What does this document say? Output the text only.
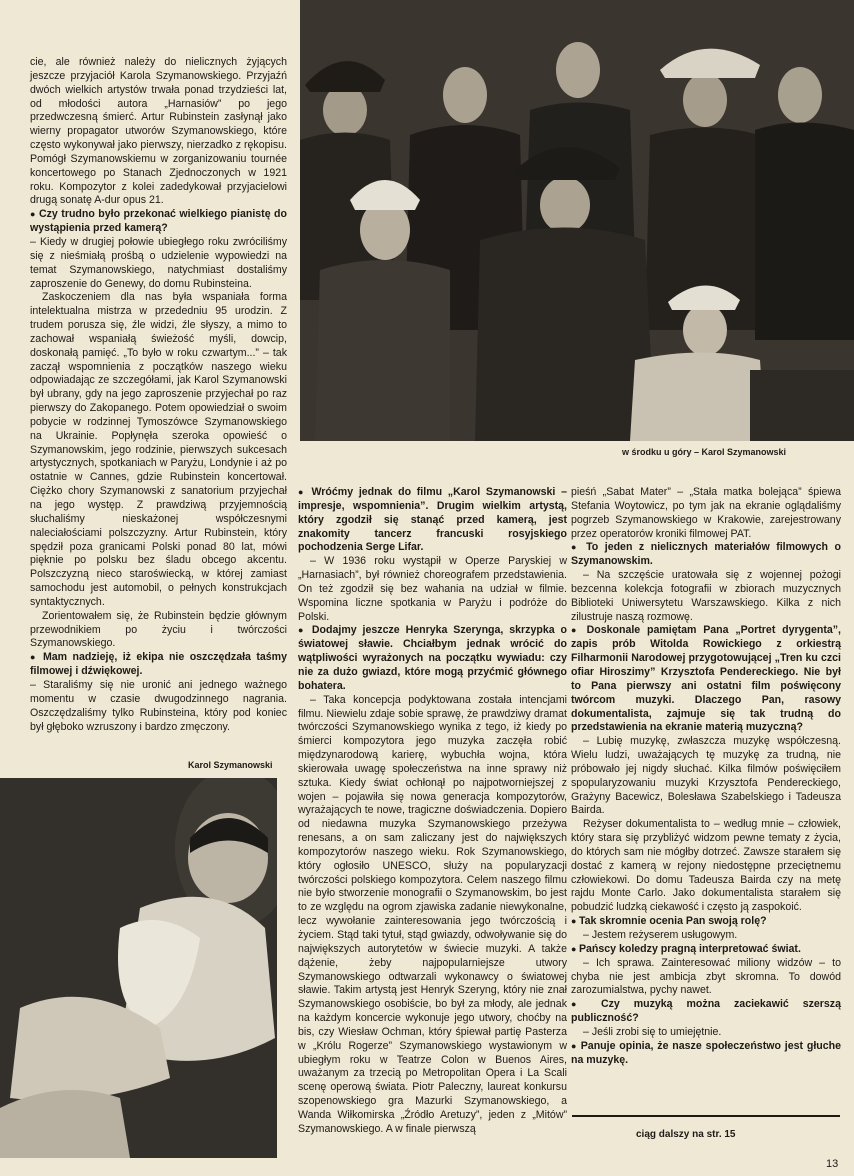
cie, ale również należy do nielicznych żyjących jeszcze przyjaciół Karola Szymanowskiego. Przyjaźń dwóch wielkich artystów trwała ponad trzydzieści lat, od młodości autora „Harnasiów” po jego przedwczesną śmierć. Artur Rubinstein zasłynął jako wierny propagator utworów Szymanowskiego, które często wykonywał jako pierwszy, nierzadko z rękopisu. Pomógł Szymanowskiemu w zorganizowaniu tournée koncertowego po Stanach Zjednoczonych w 1921 roku. Kompozytor z kolei zadedykował przyjacielowi drugą sonatę A-dur opus 21.

● Czy trudno było przekonać wielkiego pianistę do wystąpienia przed kamerą?

– Kiedy w drugiej połowie ubiegłego roku zwróciliśmy się z nieśmiałą prośbą o udzielenie wypowiedzi na temat Szymanowskiego, natychmiast dostaliśmy zaproszenie do Genewy, do domu Rubinsteina.

Zaskoczeniem dla nas była wspaniała forma intelektualna mistrza w przededniu 95 urodzin. Z trudem porusza się, źle widzi, źle słyszy, a mimo to zachował wspaniałą świeżość myśli, dowcip, doskonałą pamięć. „To było w roku czwartym...” – tak zaczął wspomnienia z początków naszego wieku odpowiadając ze szczegółami, jak Karol Szymanowski był ubrany, gdy na jego zaproszenie przyjechał po raz pierwszy do Zakopanego. Potem opowiedział o swoim pobycie w rodzinnej Tymoszówce Szymanowskiego na Ukrainie. Popłynęła szeroka opowieść o Szymanowskim, jego rodzinie, pierwszych sukcesach artystycznych, spotkaniach w Paryżu, Londynie i aż po ostatnie w Cannes, gdzie Rubinstein koncertował. Ciężko chory Szymanowski z sanatorium przyjechał na jego występ. Z prawdziwą przyjemnością słuchaliśmy nieskażonej współczesnymi naleciałościami polszczyzny. Artur Rubinstein, który spędził poza granicami Polski ponad 80 lat, mówi pięknie po polsku bez śladu obcego akcentu. Polszczyzną nieco staroświecką, w której zamiast samochodu jest automobil, o pełnych konstrukcjach syntaktycznych.

Zorientowałem się, że Rubinstein będzie głównym przewodnikiem po życiu i twórczości Szymanowskiego.

● Mam nadzieję, iż ekipa nie oszczędzała taśmy filmowej i dźwiękowej.

– Staraliśmy się nie uronić ani jednego ważnego momentu w czasie dwugodzinnego nagrania. Oszczędzaliśmy tylko Rubinsteina, który pod koniec był głęboko wzruszony i bardzo zmęczony.

Karol Szymanowski
w środku u góry – Karol Szymanowski

● Wróćmy jednak do filmu „Karol Szymanowski – impresje, wspomnienia”. Drugim wielkim artystą, który zgodził się stanąć przed kamerą, jest znakomity tancerz francuski rosyjskiego pochodzenia Serge Lifar.

– W 1936 roku wystąpił w Operze Paryskiej w „Harnasiach”, był również choreografem przedstawienia. On też zgodził się bez wahania na udział w filmie. Wspomina liczne spotkania w Paryżu i podróże do Polski.

● Dodajmy jeszcze Henryka Szeryngа, skrzypka o światowej sławie. Chciałbym jednak wrócić do wątpliwości wyrażonych na początku wywiadu: czy nie za dużo gwiazd, które mogą przyćmić głównego bohatera.

– Taka koncepcja podyktowana została intencjami filmu. Niewielu zdaje sobie sprawę, że prawdziwy dramat twórczości Szymanowskiego wynika z tego, iż kiedy po śmierci kompozytora jego muzyka zaczęła robić międzynarodową karierę, wybuchła wojna, która skierowała uwagę społeczeństwa na inne sprawy niż sztuka. Kiedy świat ochłonął po najpotworniejszej z wojen – pojawiła się nowa generacja kompozytorów, wyrażających te nowe, tragiczne doświadczenia. Dopiero od niedawna muzyka Szymanowskiego przeżywa renesans, a on sam zaliczany jest do największych kompozytorów naszego wieku. Rok Szymanowskiego, który ogłosiło UNESCO, służy na popularyzacji twórczości polskiego kompozytora. Celem naszego filmu nie było stworzenie monografii o Szymanowskim, bo jest to ze względu na ogrom zjawiska zadanie niewykonalne, lecz wywołanie zainteresowania jego twórczością i życiem. Stąd taki tytuł, stąd gwiazdy, odwoływanie się do największych autorytetów w świecie muzyki. A także dążenie, żeby najpopularniejsze utwory Szymanowskiego odtwarzali wykonawcy o światowej sławie. Takim artystą jest Henryk Szeryng, który nie znał Szymanowskiego osobiście, bo był za młody, ale jednak na każdym koncercie wykonuje jego utwory, choćby na bis, czy Wiesław Ochman, który śpiewał partię Pasterza w „Królu Rogerze” Szymanowskiego wystawionym w ubiegłym roku w Teatrze Colon w Buenos Aires, uważanym za trzecią po Metropolitan Opera i La Scali scenę operową świata. Piotr Paleczny, laureat konkursu szopenowskiego gra Mazurki Szymanowskiego, a Wanda Wiłkomirska „Źródło Aretuzy”, jeden z „Mitów” Szymanowskiego. A w finale pierwszą

pieśń „Sabat Mater” – „Stała matka bolejąca” śpiewa Stefania Woytowicz, po tym jak na ekranie oglądaliśmy pogrzeb Szymanowskiego w Krakowie, zarejestrowany przez operatorów kroniki filmowej PAT.

● To jeden z nielicznych materiałów filmowych o Szymanowskim.

– Na szczęście uratowała się z wojennej pożogi bezcenna kolekcja fotografii w zbiorach muzycznych Biblioteki Uniwersytetu Warszawskiego. Kilka z nich zilustruje naszą rozmowę.

● Doskonale pamiętam Pana „Portret dyrygenta”, zapis prób Witolda Rowickiego z orkiestrą Filharmonii Narodowej przygotowującej „Tren ku czci ofiar Hiroszimy” Krzysztofa Pendereckiego. Nie był to Pana pierwszy ani ostatni film poświęcony twórcom muzyki. Dlaczego Pan, rasowy dokumentalista, zajmuje się tak trudną do przedstawienia na ekranie materią muzyczną?

– Lubię muzykę, zwłaszcza muzykę współczesną. Wielu ludzi, uważających tę muzykę za trudną, nie próbowało jej nigdy słuchać. Kilka filmów poświęciłem spopularyzowaniu muzyki Krzysztofa Pendereckiego, Grażyny Bacewicz, Bolesława Szabelskiego i Tadeusza Bairda.

Reżyser dokumentalista to – według mnie – człowiek, który stara się przybliżyć widzom pewne tematy z życia, do których sam nie mógłby dotrzeć. Zawsze starałem się dostać z kamerą w rejony niedostępne przeciętnemu człowiekowi. Do domu Tadeusza Bairda czy na metę rajdu Monte Carlo. Jako dokumentalista starałem się pobudzić ludzką ciekawość i często ją zaspokoić.

● Tak skromnie ocenia Pan swoją rolę?

– Jestem reżyserem usługowym.

● Pańscy koledzy pragną interpretować świat.

– Ich sprawa. Zainteresować milionу widzów – to chyba nie jest ambicja zbyt skromna. To dowód zarozumialstwa, pychy nawet.

● Czy muzyką można zaciekawić szerszą publiczność?

– Jeśli zrobi się to umiejętnie.

● Panuje opinia, że nasze społeczeństwo jest głuche na muzykę.

ciąg dalszy na str. 15
13
